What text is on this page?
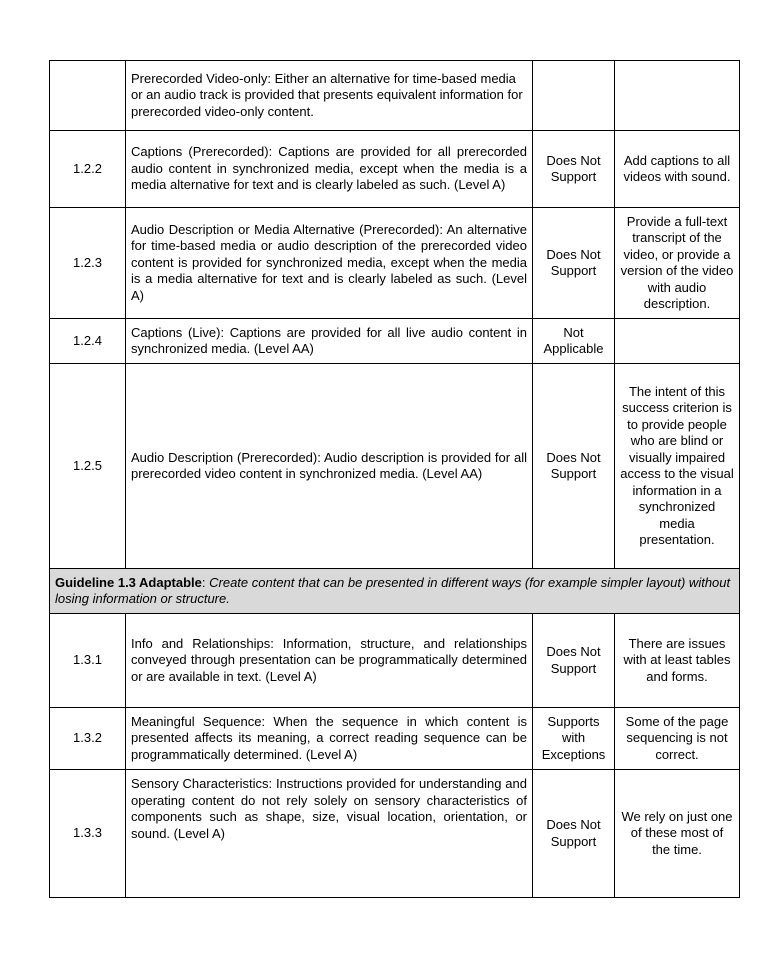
	Prerecorded Video-only: Either an alternative for time-based media or an audio track is provided that presents equivalent information for prerecorded video-only content.		
1.2.2	Captions (Prerecorded): Captions are provided for all prerecorded audio content in synchronized media, except when the media is a media alternative for text and is clearly labeled as such. (Level A)	Does Not Support	Add captions to all videos with sound.
1.2.3	Audio Description or Media Alternative (Prerecorded): An alternative for time-based media or audio description of the prerecorded video content is provided for synchronized media, except when the media is a media alternative for text and is clearly labeled as such. (Level A)	Does Not Support	Provide a full-text transcript of the video, or provide a version of the video with audio description.
1.2.4	Captions (Live): Captions are provided for all live audio content in synchronized media. (Level AA)	Not Applicable	
1.2.5	Audio Description (Prerecorded): Audio description is provided for all prerecorded video content in synchronized media. (Level AA)	Does Not Support	The intent of this success criterion is to provide people who are blind or visually impaired access to the visual information in a synchronized media presentation.
Guideline 1.3 Adaptable: Create content that can be presented in different ways (for example simpler layout) without losing information or structure.			
1.3.1	Info and Relationships: Information, structure, and relationships conveyed through presentation can be programmatically determined or are available in text. (Level A)	Does Not Support	There are issues with at least tables and forms.
1.3.2	Meaningful Sequence: When the sequence in which content is presented affects its meaning, a correct reading sequence can be programmatically determined. (Level A)	Supports with Exceptions	Some of the page sequencing is not correct.
1.3.3	Sensory Characteristics: Instructions provided for understanding and operating content do not rely solely on sensory characteristics of components such as shape, size, visual location, orientation, or sound. (Level A)	Does Not Support	We rely on just one of these most of the time.
